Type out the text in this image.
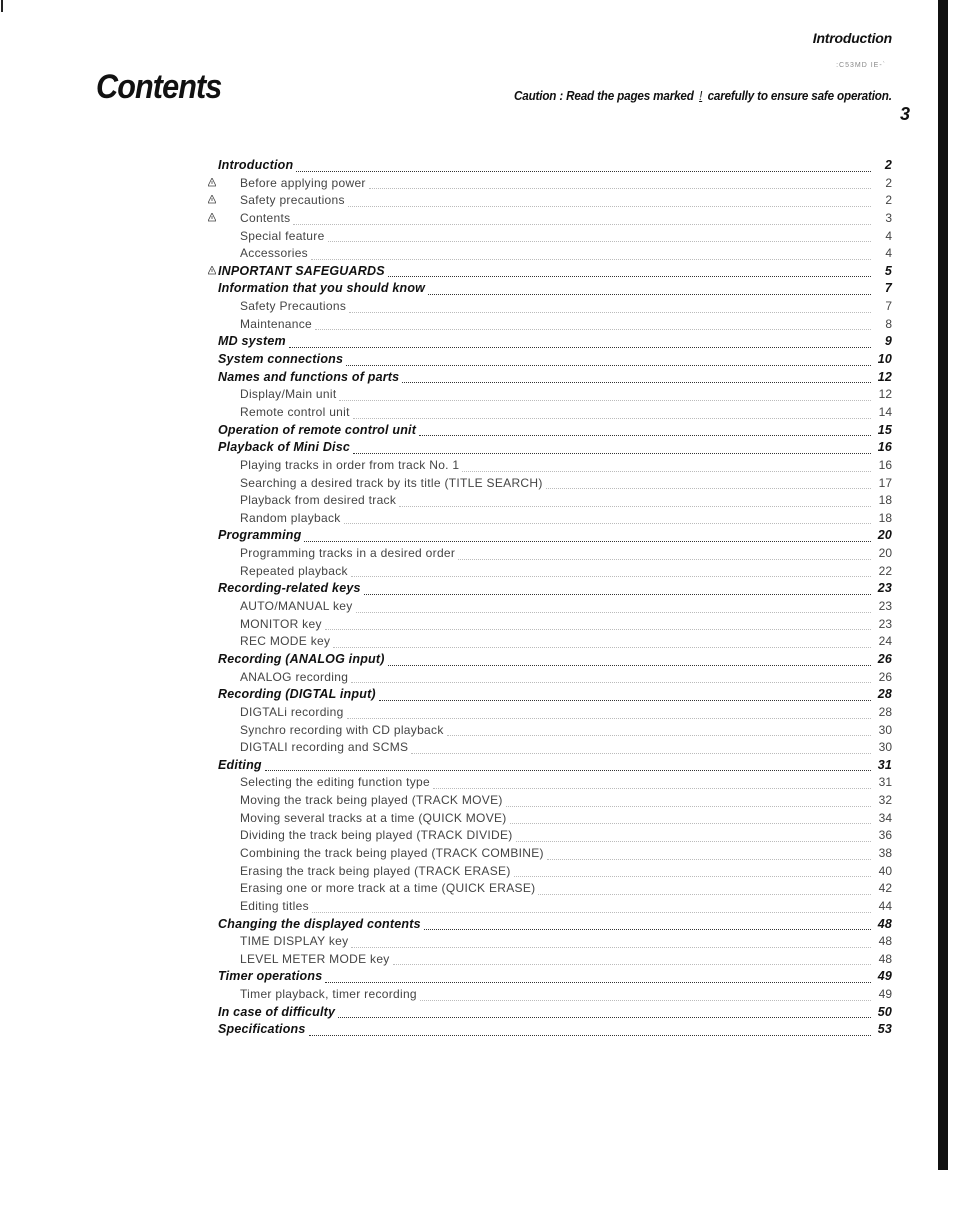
Introduction
:C53MD IE-`
Contents	Caution : Read the pages marked ! carefully to ensure safe operation.
3
Introduction	2
Before applying power	2
Safety precautions	2
Contents	3
Special feature	4
Accessories	4
INPORTANT SAFEGUARDS	5
Information that you should know	7
Safety Precautions	7
Maintenance	8
MD system	9
System connections	10
Names and functions of parts	12
Display/Main unit	12
Remote control unit	14
Operation of remote control unit	15
Playback of Mini Disc	16
Playing tracks in order from track No. 1	16
Searching a desired track by its title (TITLE SEARCH)	17
Playback from desired track	18
Random playback	18
Programming	20
Programming tracks in a desired order	20
Repeated playback	22
Recording-related keys	23
AUTO/MANUAL key	23
MONITOR key	23
REC MODE key	24
Recording (ANALOG input)	26
ANALOG recording	26
Recording (DIGTAL input)	28
DIGTALi recording	28
Synchro recording with CD playback	30
DIGTALI recording and SCMS	30
Editing	31
Selecting the editing function type	31
Moving the track being played (TRACK MOVE)	32
Moving several tracks at a time (QUICK MOVE)	34
Dividing the track being played (TRACK DIVIDE)	36
Combining the track being played (TRACK COMBINE)	38
Erasing the track being played (TRACK ERASE)	40
Erasing one or more track at a time (QUICK ERASE)	42
Editing titles	44
Changing the displayed contents	48
TIME DISPLAY key	48
LEVEL METER MODE key	48
Timer operations	49
Timer playback, timer recording	49
In case of difficulty	50
Specifications	53
